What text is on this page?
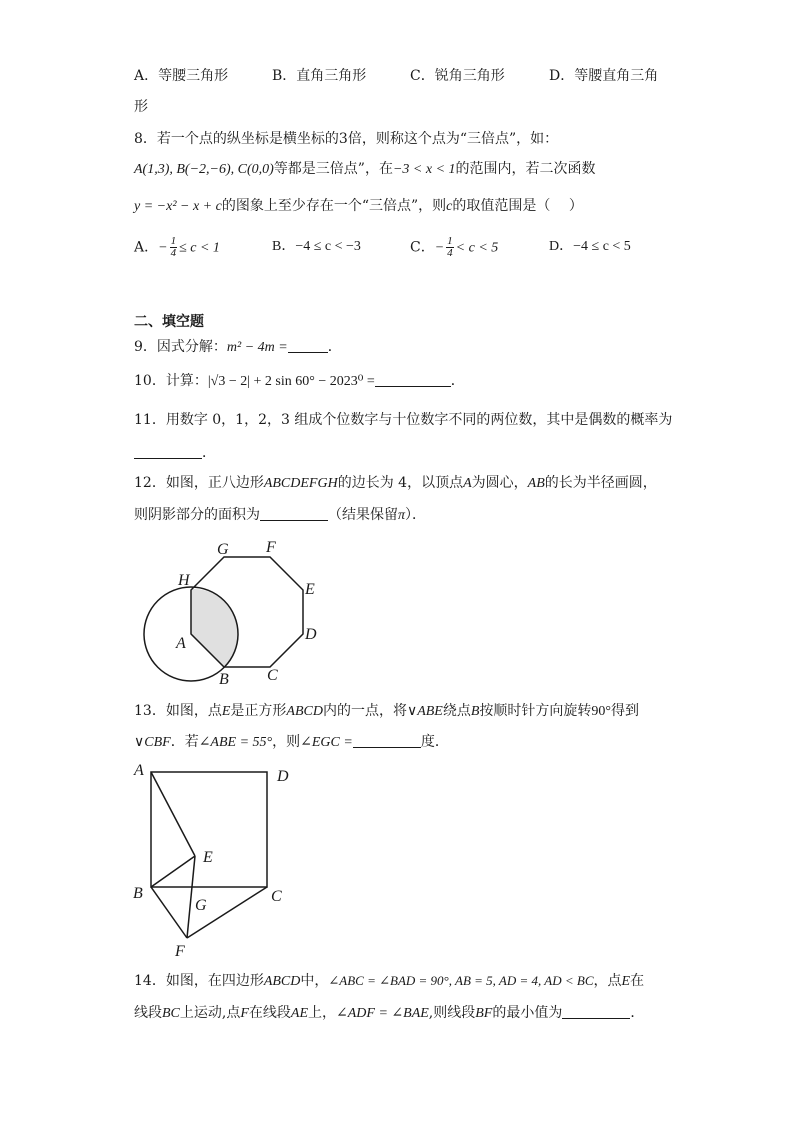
A．等腰三角形	B．直角三角形	C．锐角三角形	D．等腰直角三角
形
8．若一个点的纵坐标是横坐标的3倍，则称这个点为“三倍点”，如：
A(1,3), B(−2,−6), C(0,0)等都是三倍点”，在−3 < x < 1的范围内，若二次函数
y = −x² − x + c的图象上至少存在一个“三倍点”，则c的取值范围是（　 ）
A．− $\frac{1}{4} \le c < 1$	B．−4 ≤ c < −3	C．− $\frac{1}{4} < c < 5$	D．−4 ≤ c < 5
二、填空题
9．因式分解：m² − 4m =	．
10．计算：|√3 − 2| + 2 sin 60° − 2023⁰ =	．
11．用数字 0，1，2，3 组成个位数字与十位数字不同的两位数，其中是偶数的概率为
．
12．如图，正八边形ABCDEFGH的边长为 4，以顶点A为圆心，AB的长为半径画圆，
则阴影部分的面积为	（结果保留π）．
G F
E
D
C
B
A
H
13．如图，点E是正方形ABCD内的一点，将∨ABE绕点B按顺时针方向旋转90°得到
∨CBF．若∠ABE = 55°，则∠EGC =	度．
A	D
E
B
G
C
F
14．如图，在四边形ABCD中，∠ABC = ∠BAD = 90°, AB = 5, AD = 4, AD < BC，点E在
线段BC上运动,点F在线段AE上，∠ADF = ∠BAE,则线段BF的最小值为	．
